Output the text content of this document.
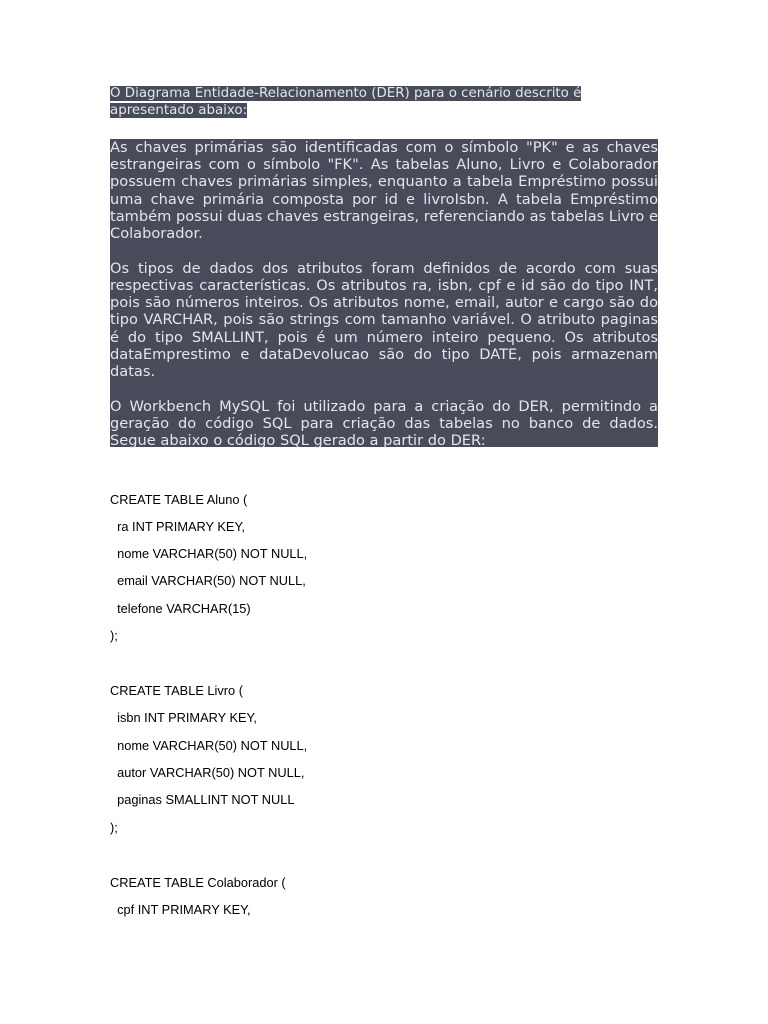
O Diagrama Entidade-Relacionamento (DER) para o cenário descrito é apresentado abaixo:

As chaves primárias são identificadas com o símbolo "PK" e as chaves estrangeiras com o símbolo "FK". As tabelas Aluno, Livro e Colaborador possuem chaves primárias simples, enquanto a tabela Empréstimo possui uma chave primária composta por id e livroIsbn. A tabela Empréstimo também possui duas chaves estrangeiras, referenciando as tabelas Livro e Colaborador.

Os tipos de dados dos atributos foram definidos de acordo com suas respectivas características. Os atributos ra, isbn, cpf e id são do tipo INT, pois são números inteiros. Os atributos nome, email, autor e cargo são do tipo VARCHAR, pois são strings com tamanho variável. O atributo paginas é do tipo SMALLINT, pois é um número inteiro pequeno. Os atributos dataEmprestimo e dataDevolucao são do tipo DATE, pois armazenam datas.

O Workbench MySQL foi utilizado para a criação do DER, permitindo a geração do código SQL para criação das tabelas no banco de dados. Segue abaixo o código SQL gerado a partir do DER:

CREATE TABLE Aluno (

ra INT PRIMARY KEY,

nome VARCHAR(50) NOT NULL,

email VARCHAR(50) NOT NULL,

telefone VARCHAR(15)

);

CREATE TABLE Livro (

isbn INT PRIMARY KEY,

nome VARCHAR(50) NOT NULL,

autor VARCHAR(50) NOT NULL,

paginas SMALLINT NOT NULL

);

CREATE TABLE Colaborador (

cpf INT PRIMARY KEY,
